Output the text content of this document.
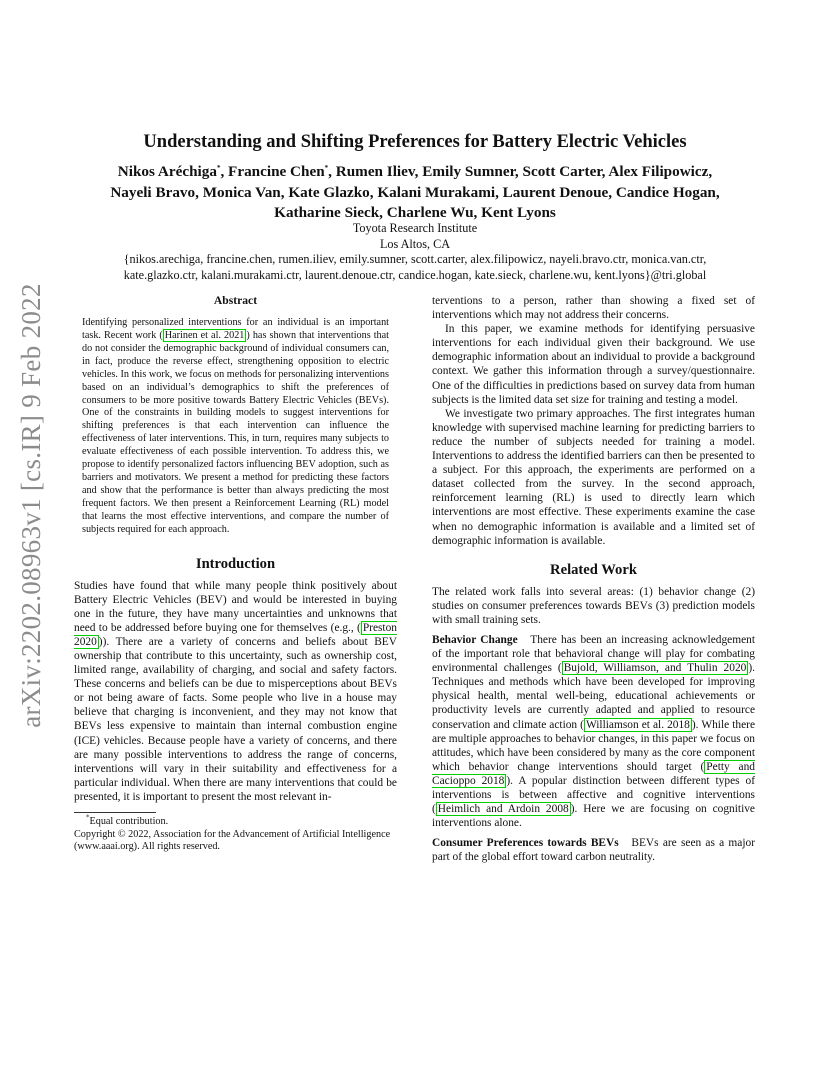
arXiv:2202.08963v1 [cs.IR] 9 Feb 2022
Understanding and Shifting Preferences for Battery Electric Vehicles

Nikos Aréchiga*, Francine Chen*, Rumen Iliev, Emily Sumner, Scott Carter, Alex Filipowicz,

Nayeli Bravo, Monica Van, Kate Glazko, Kalani Murakami, Laurent Denoue, Candice Hogan,

Katharine Sieck, Charlene Wu, Kent Lyons

Toyota Research Institute

Los Altos, CA

{nikos.arechiga, francine.chen, rumen.iliev, emily.sumner, scott.carter, alex.filipowicz, nayeli.bravo.ctr, monica.van.ctr,

kate.glazko.ctr, kalani.murakami.ctr, laurent.denoue.ctr, candice.hogan, kate.sieck, charlene.wu, kent.lyons}@tri.global

Abstract
Identifying personalized interventions for an individual is an important task. Recent work ( Harinen et al. 2021 ) has shown that interventions that do not consider the demographic background of individual consumers can, in fact, produce the reverse effect, strengthening opposition to electric vehicles. In this work, we focus on methods for personalizing interventions based on an individual’s demographics to shift the preferences of consumers to be more positive towards Battery Electric Vehicles (BEVs). One of the constraints in building models to suggest interventions for shifting preferences is that each intervention can influence the effectiveness of later interventions. This, in turn, requires many subjects to evaluate effectiveness of each possible intervention. To address this, we propose to identify personalized factors influencing BEV adoption, such as barriers and motivators. We present a method for predicting these factors and show that the performance is better than always predicting the most frequent factors. We then present a Reinforcement Learning (RL) model that learns the most effective interventions, and compare the number of subjects required for each approach.
Introduction

Studies have found that while many people think positively about Battery Electric Vehicles (BEV) and would be interested in buying one in the future, they have many uncertainties and unknowns that need to be addressed before buying one for themselves (e.g., ( Preston 2020 )). There are a variety of concerns and beliefs about BEV ownership that contribute to this uncertainty, such as ownership cost, limited range, availability of charging, and social and safety factors. These concerns and beliefs can be due to misperceptions about BEVs or not being aware of facts. Some people who live in a house may believe that charging is inconvenient, and they may not know that BEVs less expensive to maintain than internal combustion engine (ICE) vehicles. Because people have a variety of concerns, and there are many possible interventions to address the range of concerns, interventions will vary in their suitability and effectiveness for a particular individual. When there are many interventions that could be presented, it is important to present the most relevant in-

*Equal contribution.
Copyright © 2022, Association for the Advancement of Artificial Intelligence (www.aaai.org). All rights reserved.

terventions to a person, rather than showing a fixed set of interventions which may not address their concerns.

In this paper, we examine methods for identifying persuasive interventions for each individual given their background. We use demographic information about an individual to provide a background context. We gather this information through a survey/questionnaire. One of the difficulties in predictions based on survey data from human subjects is the limited data set size for training and testing a model.

We investigate two primary approaches. The first integrates human knowledge with supervised machine learning for predicting barriers to reduce the number of subjects needed for training a model. Interventions to address the identified barriers can then be presented to a subject. For this approach, the experiments are performed on a dataset collected from the survey. In the second approach, reinforcement learning (RL) is used to directly learn which interventions are most effective. These experiments examine the case when no demographic information is available and a limited set of demographic information is available.

Related Work

The related work falls into several areas: (1) behavior change (2) studies on consumer preferences towards BEVs (3) prediction models with small training sets.

Behavior Change There has been an increasing acknowledgement of the important role that behavioral change will play for combating environmental challenges ( Bujold, Williamson, and Thulin 2020 ). Techniques and methods which have been developed for improving physical health, mental well-being, educational achievements or productivity levels are currently adapted and applied to resource conservation and climate action ( Williamson et al. 2018 ). While there are multiple approaches to behavior changes, in this paper we focus on attitudes, which have been considered by many as the core component which behavior change interventions should target ( Petty and Cacioppo 2018 ). A popular distinction between different types of interventions is between affective and cognitive interventions ( Heimlich and Ardoin 2008 ). Here we are focusing on cognitive interventions alone.

Consumer Preferences towards BEVs BEVs are seen as a major part of the global effort toward carbon neutrality.
